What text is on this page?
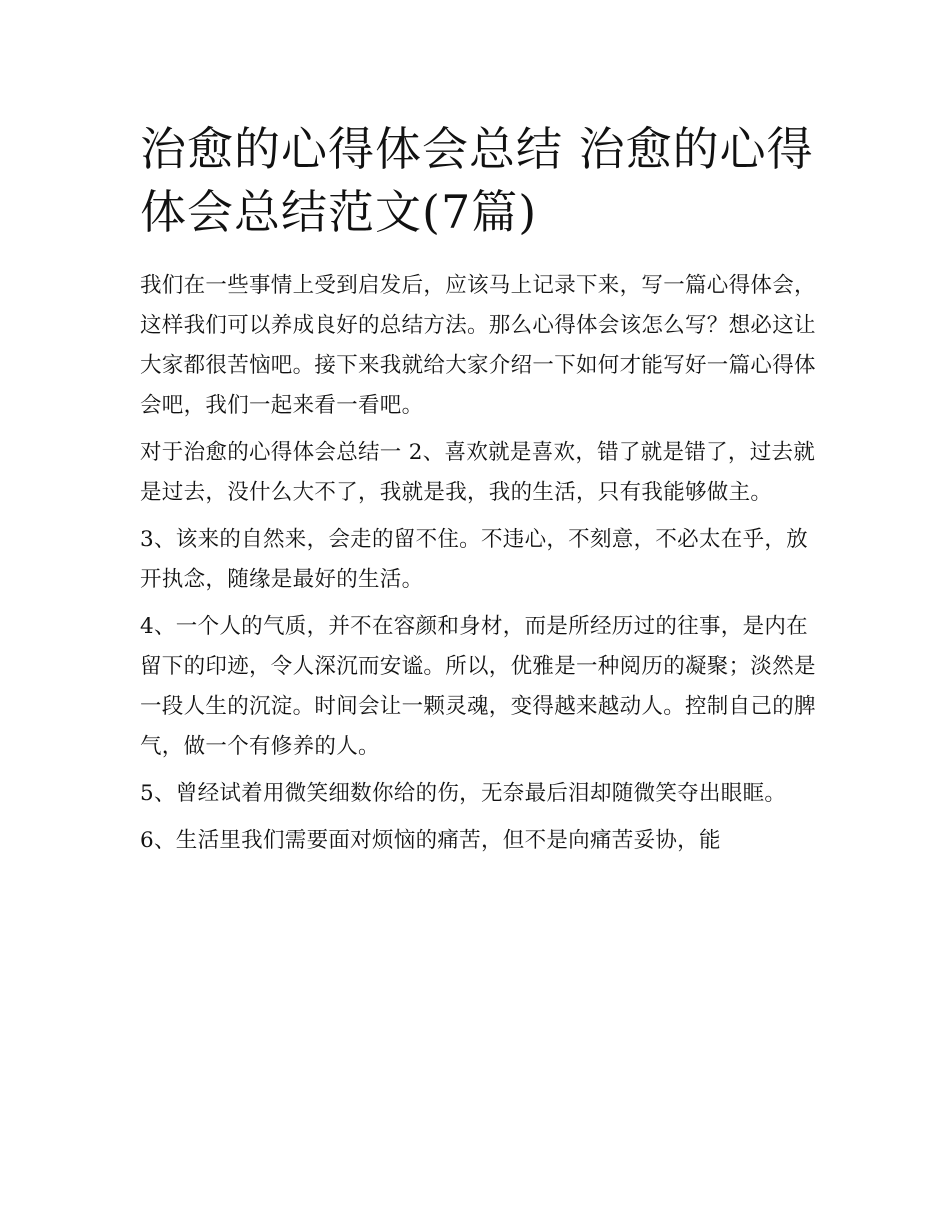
治愈的心得体会总结 治愈的心得体会总结范文(7篇)

我们在一些事情上受到启发后，应该马上记录下来，写一篇心得体会，这样我们可以养成良好的总结方法。那么心得体会该怎么写？想必这让大家都很苦恼吧。接下来我就给大家介绍一下如何才能写好一篇心得体会吧，我们一起来看一看吧。

对于治愈的心得体会总结一 2、喜欢就是喜欢，错了就是错了，过去就是过去，没什么大不了，我就是我，我的生活，只有我能够做主。

3、该来的自然来，会走的留不住。不违心，不刻意，不必太在乎，放开执念，随缘是最好的生活。

4、一个人的气质，并不在容颜和身材，而是所经历过的往事，是内在留下的印迹，令人深沉而安谧。所以，优雅是一种阅历的凝聚；淡然是一段人生的沉淀。时间会让一颗灵魂，变得越来越动人。控制自己的脾气，做一个有修养的人。

5、曾经试着用微笑细数你给的伤，无奈最后泪却随微笑夺出眼眶。

6、生活里我们需要面对烦恼的痛苦，但不是向痛苦妥协，能
